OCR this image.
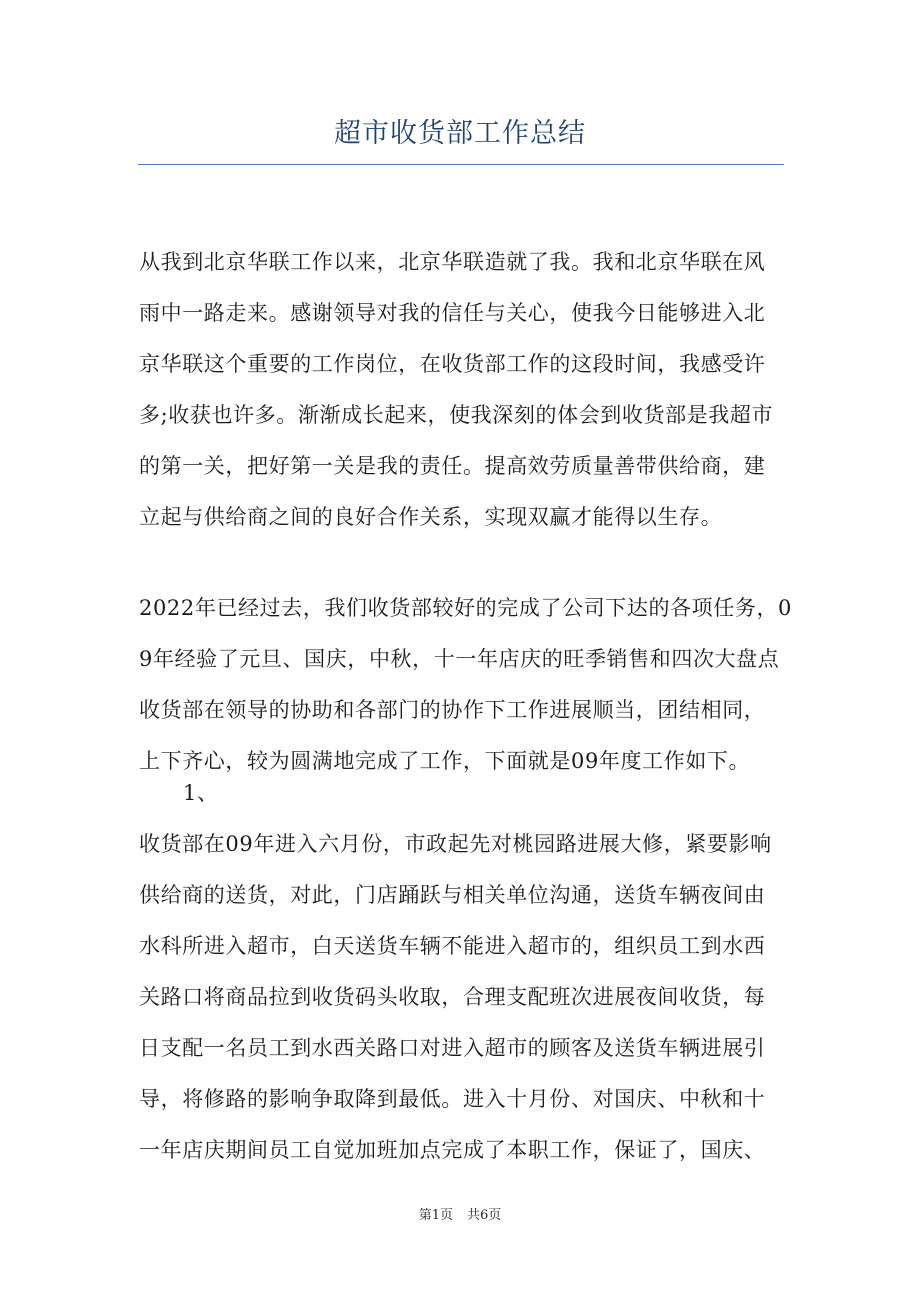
超市收货部工作总结
从我到北京华联工作以来，北京华联造就了我。我和北京华联在风
雨中一路走来。感谢领导对我的信任与关心，使我今日能够进入北
京华联这个重要的工作岗位，在收货部工作的这段时间，我感受许
多;收获也许多。渐渐成长起来，使我深刻的体会到收货部是我超市
的第一关，把好第一关是我的责任。提高效劳质量善带供给商，建
立起与供给商之间的良好合作关系，实现双赢才能得以生存。
2022年已经过去，我们收货部较好的完成了公司下达的各项任务，0
9年经验了元旦、国庆，中秋，十一年店庆的旺季销售和四次大盘点
收货部在领导的协助和各部门的协作下工作进展顺当，团结相同，
上下齐心，较为圆满地完成了工作，下面就是09年度工作如下。
1、
收货部在09年进入六月份，市政起先对桃园路进展大修，紧要影响
供给商的送货，对此，门店踊跃与相关单位沟通，送货车辆夜间由
水科所进入超市，白天送货车辆不能进入超市的，组织员工到水西
关路口将商品拉到收货码头收取，合理支配班次进展夜间收货，每
日支配一名员工到水西关路口对进入超市的顾客及送货车辆进展引
导，将修路的影响争取降到最低。进入十月份、对国庆、中秋和十
一年店庆期间员工自觉加班加点完成了本职工作，保证了，国庆、
第1页 共6页
